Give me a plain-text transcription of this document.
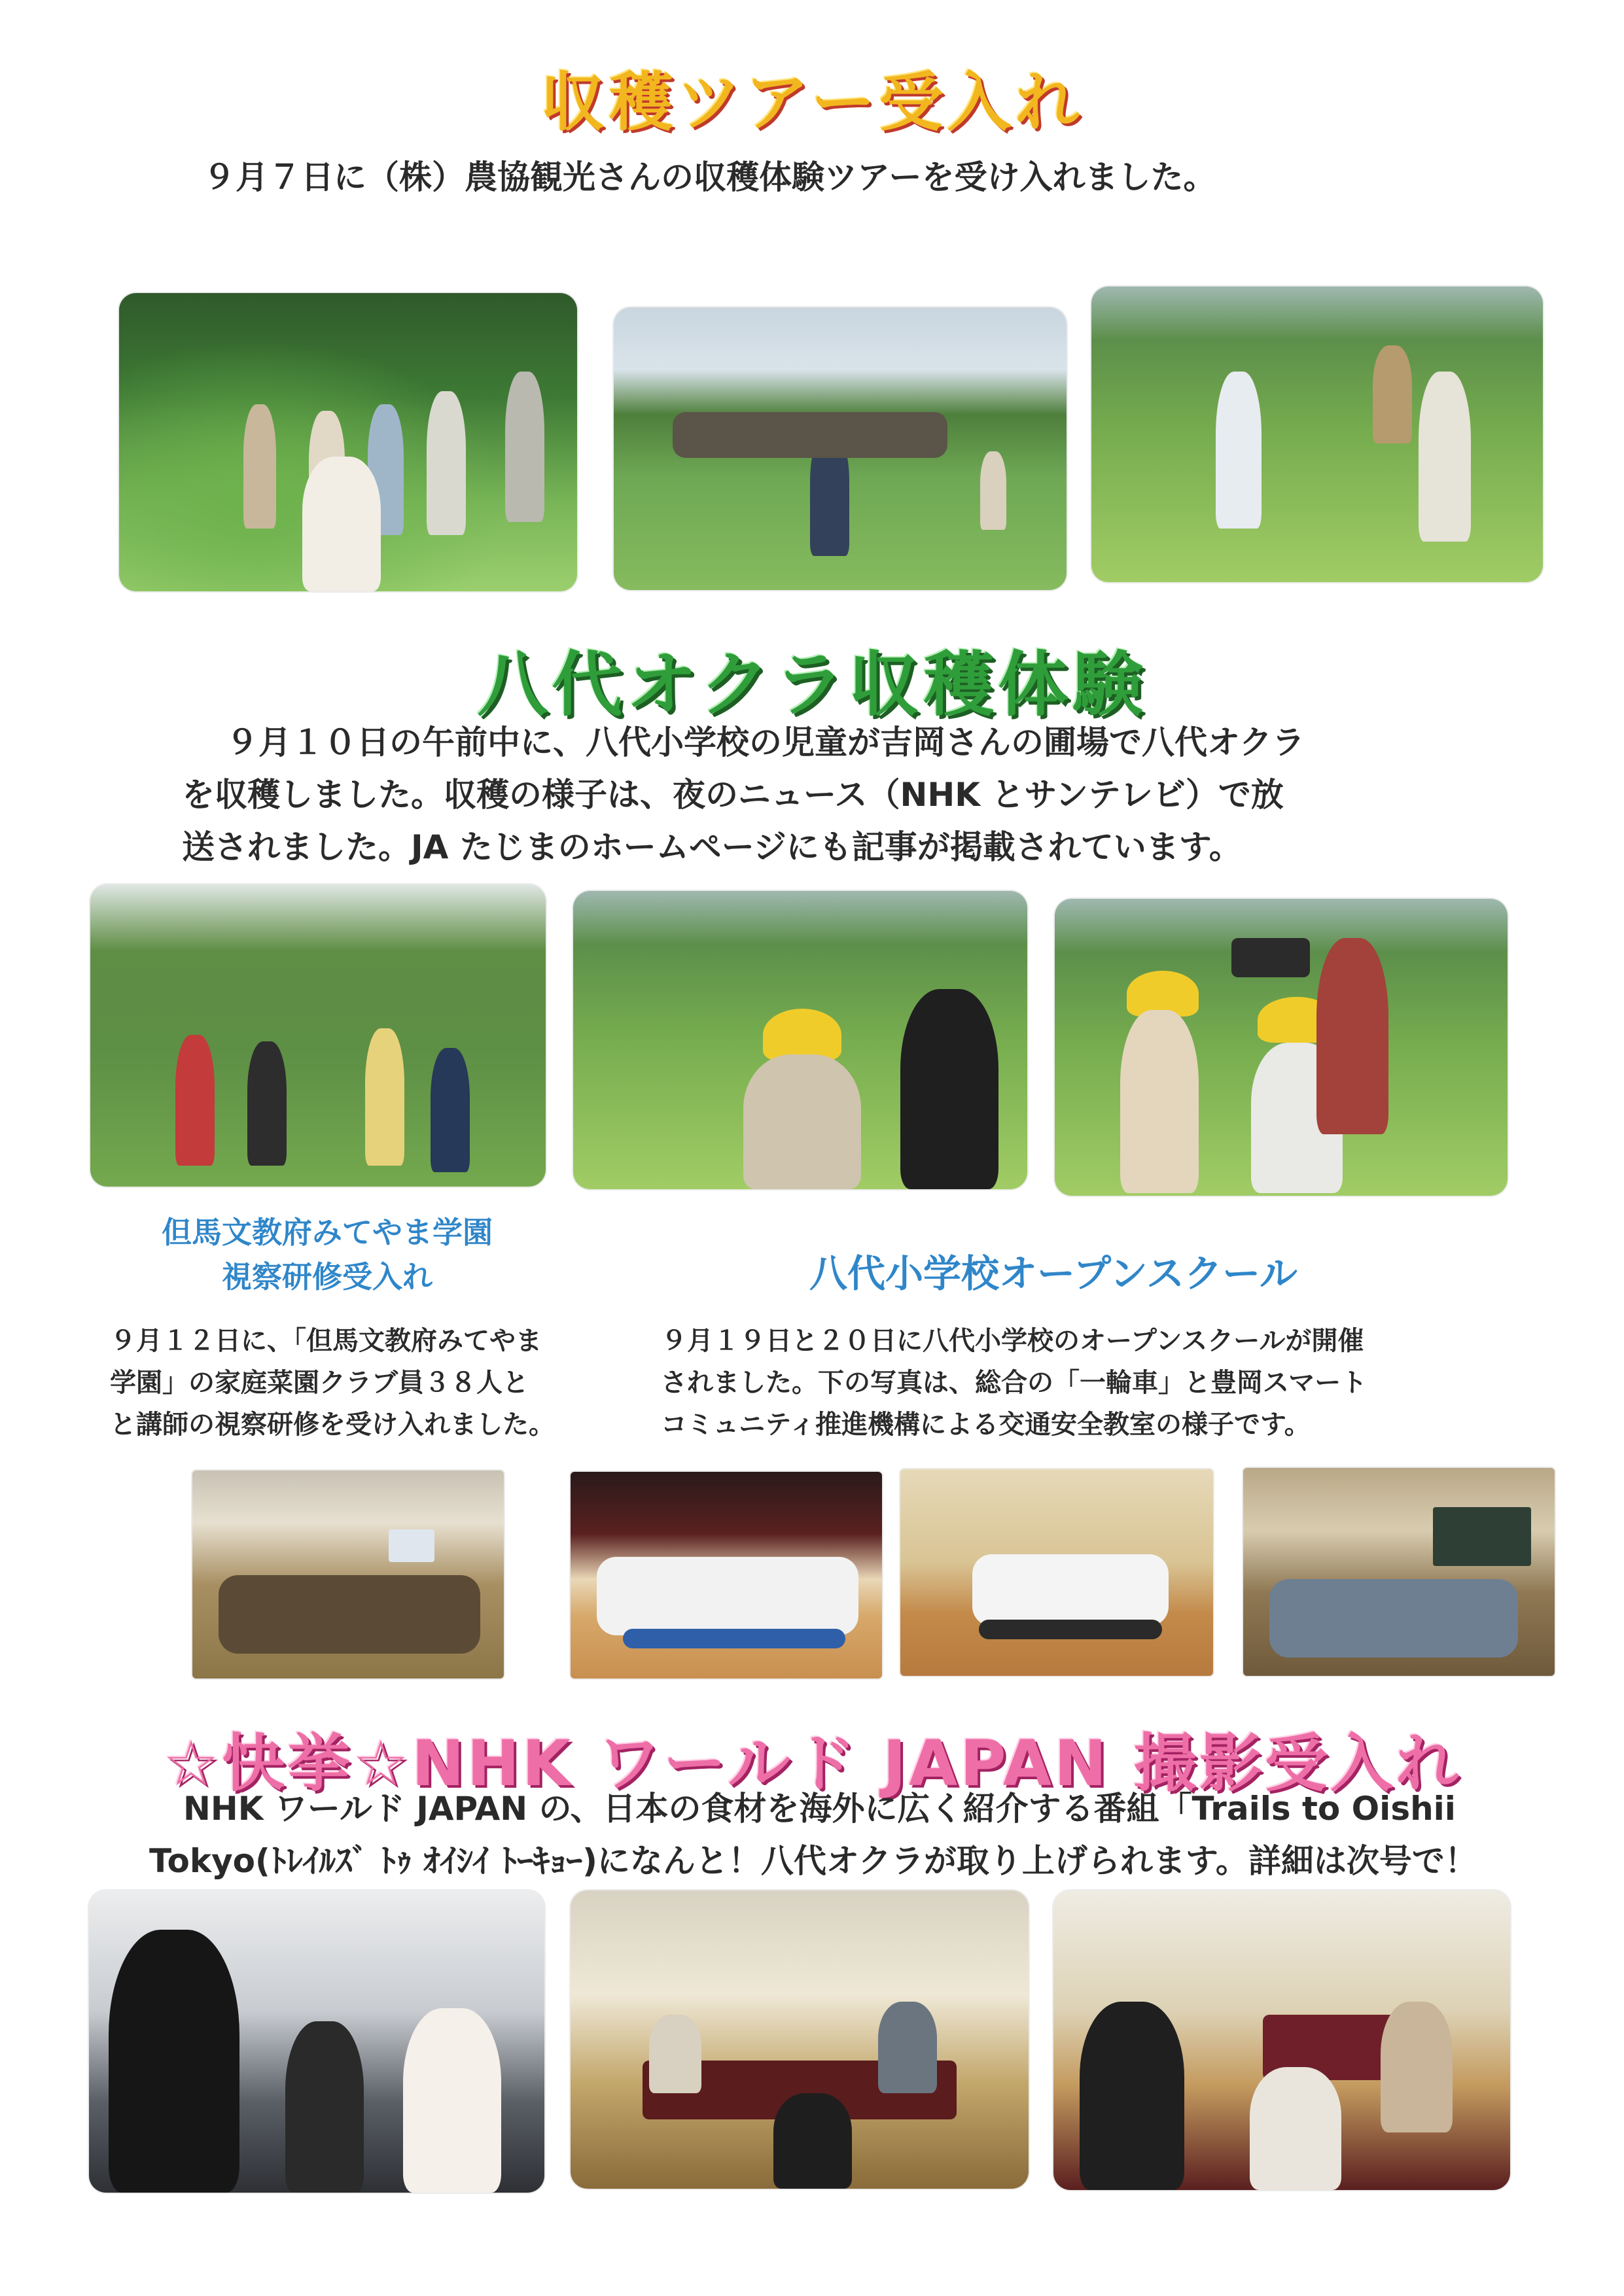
収穫ツアー受入れ
９月７日に（株）農協観光さんの収穫体験ツアーを受け入れました。
八代オクラ収穫体験
９月１０日の午前中に、八代小学校の児童が吉岡さんの圃場で八代オクラ
を収穫しました。収穫の様子は、夜のニュース（NHK とサンテレビ）で放
送されました。JA たじまのホームページにも記事が掲載されています。
但馬文教府みてやま学園
視察研修受入れ	八代小学校オープンスクール
９月１２日に、「但馬文教府みてやま
学園」の家庭菜園クラブ員３８人と
と講師の視察研修を受け入れました。
９月１９日と２０日に八代小学校のオープンスクールが開催
されました。下の写真は、総合の「一輪車」と豊岡スマート
コミュニティ推進機構による交通安全教室の様子です。
☆快挙☆NHK ワールド JAPAN 撮影受入れ
NHK ワールド JAPAN の、日本の食材を海外に広く紹介する番組「Trails to Oishii
Tokyo(ﾄﾚｲﾙｽﾞ ﾄｩ ｵｲｼｲ ﾄｰｷｮｰ)になんと！八代オクラが取り上げられます。詳細は次号で！
